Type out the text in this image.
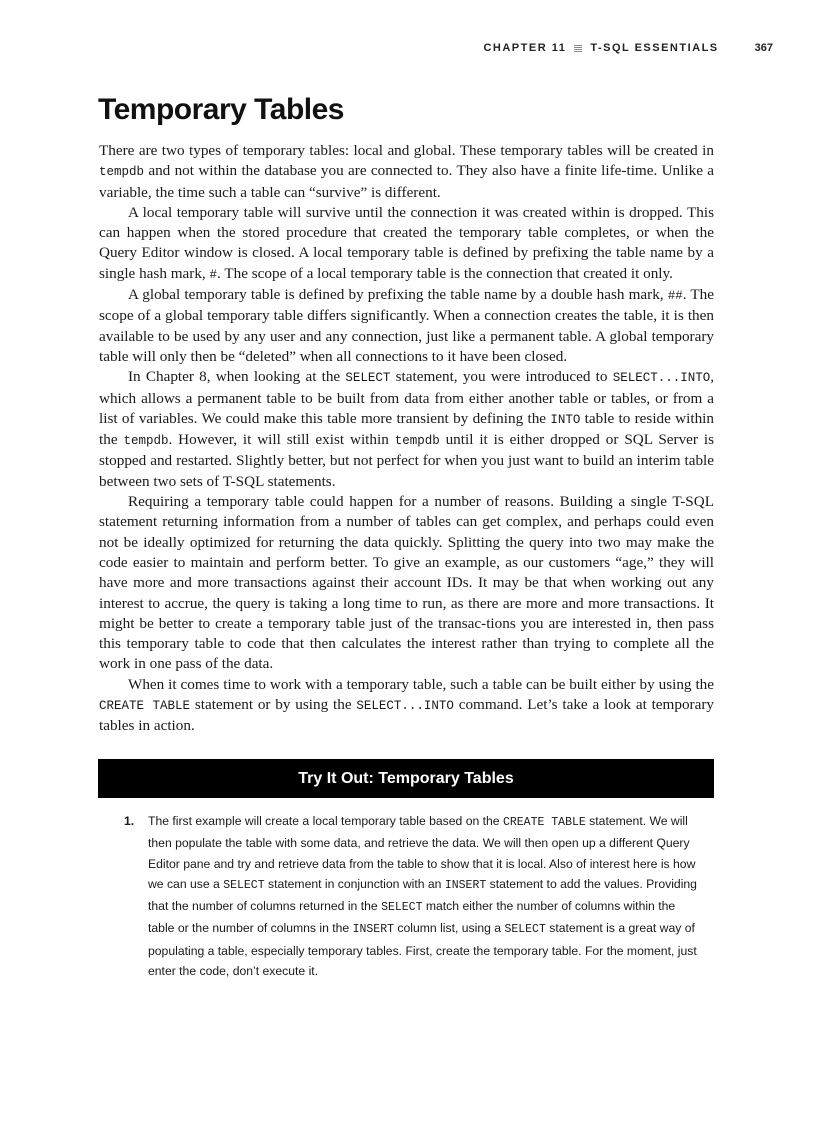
CHAPTER 11 T-SQL ESSENTIALS	367
Temporary Tables

There are two types of temporary tables: local and global. These temporary tables will be created in tempdb and not within the database you are connected to. They also have a finite life-time. Unlike a variable, the time such a table can “survive” is different.

A local temporary table will survive until the connection it was created within is dropped. This can happen when the stored procedure that created the temporary table completes, or when the Query Editor window is closed. A local temporary table is defined by prefixing the table name by a single hash mark, #. The scope of a local temporary table is the connection that created it only.

A global temporary table is defined by prefixing the table name by a double hash mark, ##. The scope of a global temporary table differs significantly. When a connection creates the table, it is then available to be used by any user and any connection, just like a permanent table. A global temporary table will only then be “deleted” when all connections to it have been closed.

In Chapter 8, when looking at the SELECT statement, you were introduced to SELECT...INTO, which allows a permanent table to be built from data from either another table or tables, or from a list of variables. We could make this table more transient by defining the INTO table to reside within the tempdb. However, it will still exist within tempdb until it is either dropped or SQL Server is stopped and restarted. Slightly better, but not perfect for when you just want to build an interim table between two sets of T-SQL statements.

Requiring a temporary table could happen for a number of reasons. Building a single T-SQL statement returning information from a number of tables can get complex, and perhaps could even not be ideally optimized for returning the data quickly. Splitting the query into two may make the code easier to maintain and perform better. To give an example, as our customers “age,” they will have more and more transactions against their account IDs. It may be that when working out any interest to accrue, the query is taking a long time to run, as there are more and more transactions. It might be better to create a temporary table just of the transac-tions you are interested in, then pass this temporary table to code that then calculates the interest rather than trying to complete all the work in one pass of the data.

When it comes time to work with a temporary table, such a table can be built either by using the CREATE TABLE statement or by using the SELECT...INTO command. Let’s take a look at temporary tables in action.

Try It Out: Temporary Tables
1.	The first example will create a local temporary table based on the CREATE TABLE statement. We will then populate the table with some data, and retrieve the data. We will then open up a different Query Editor pane and try and retrieve data from the table to show that it is local. Also of interest here is how we can use a SELECT statement in conjunction with an INSERT statement to add the values. Providing that the number of columns returned in the SELECT match either the number of columns within the table or the number of columns in the INSERT column list, using a SELECT statement is a great way of populating a table, especially temporary tables. First, create the temporary table. For the moment, just enter the code, don’t execute it.
